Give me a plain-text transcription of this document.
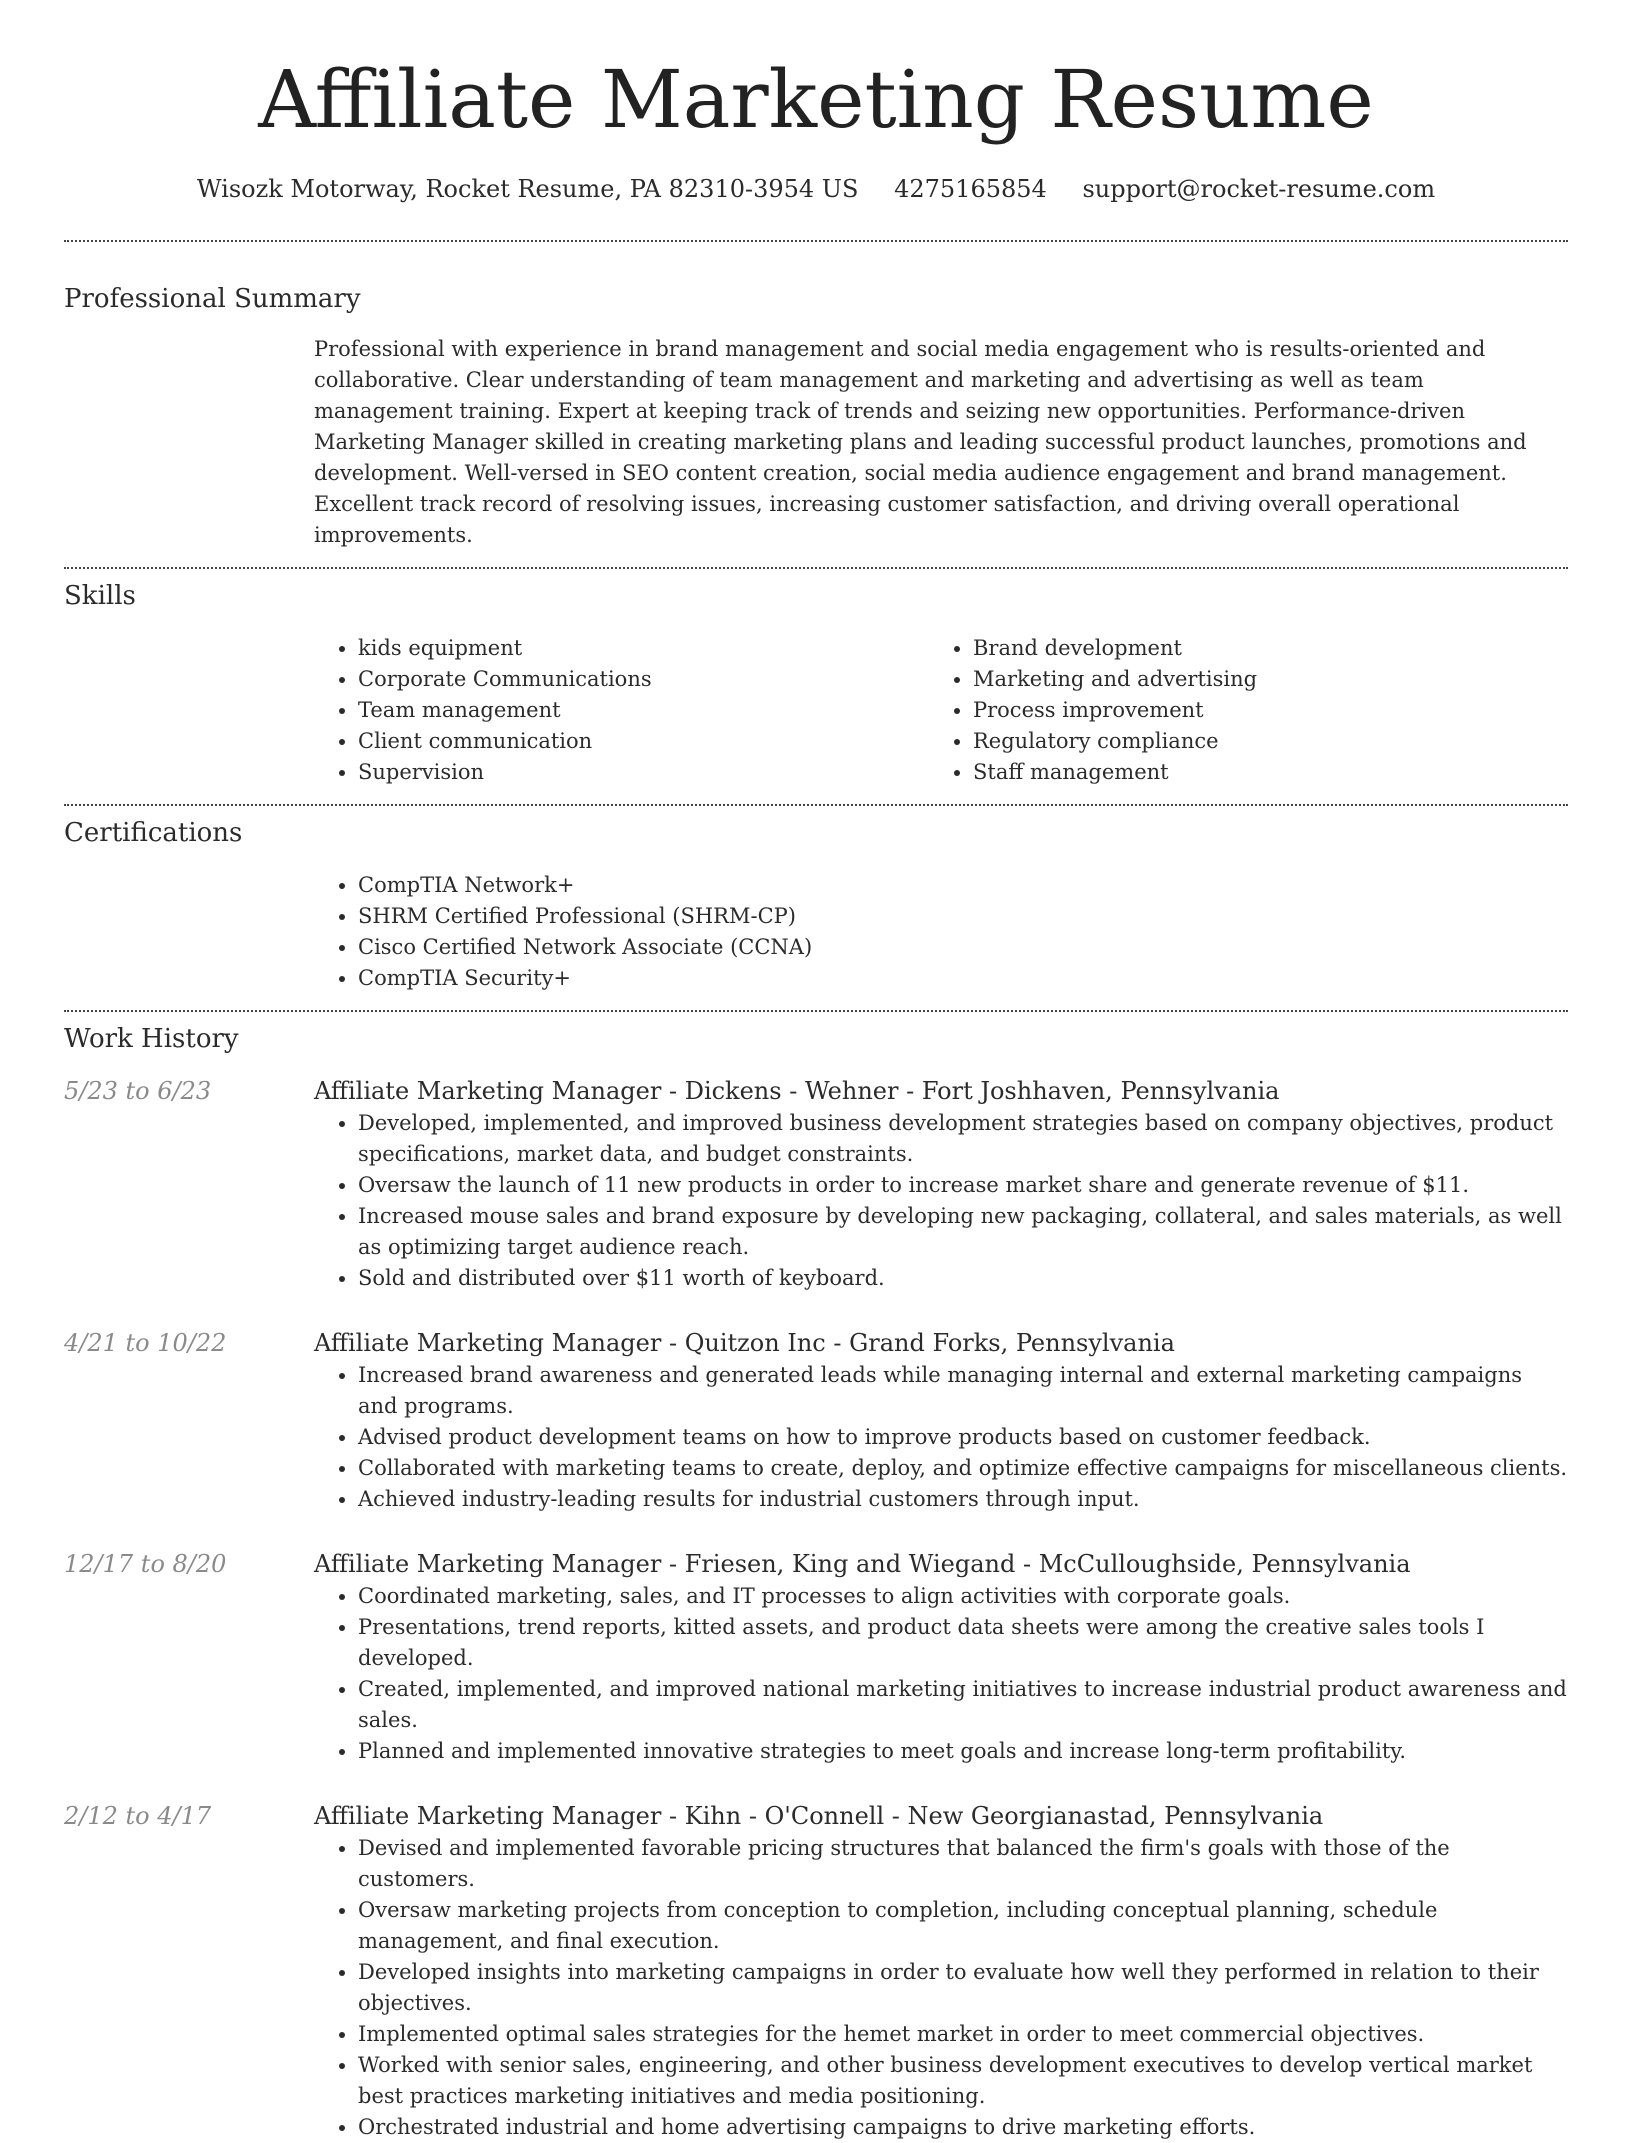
Affiliate Marketing Resume
Wisozk Motorway, Rocket Resume, PA 82310-3954 US 4275165854 support@rocket-resume.com
Professional Summary
Professional with experience in brand management and social media engagement who is results-oriented and collaborative. Clear understanding of team management and marketing and advertising as well as team management training. Expert at keeping track of trends and seizing new opportunities. Performance-driven Marketing Manager skilled in creating marketing plans and leading successful product launches, promotions and development. Well-versed in SEO content creation, social media audience engagement and brand management. Excellent track record of resolving issues, increasing customer satisfaction, and driving overall operational improvements.
Skills
• kids equipment
• Corporate Communications
• Team management
• Client communication
• Supervision
• Brand development
• Marketing and advertising
• Process improvement
• Regulatory compliance
• Staff management
Certifications
• CompTIA Network+
• SHRM Certified Professional (SHRM-CP)
• Cisco Certified Network Associate (CCNA)
• CompTIA Security+
Work History
5/23 to 6/23	Affiliate Marketing Manager - Dickens - Wehner - Fort Joshhaven, Pennsylvania
• Developed, implemented, and improved business development strategies based on company objectives, product specifications, market data, and budget constraints.
• Oversaw the launch of 11 new products in order to increase market share and generate revenue of $11.
• Increased mouse sales and brand exposure by developing new packaging, collateral, and sales materials, as well as optimizing target audience reach.
• Sold and distributed over $11 worth of keyboard.
4/21 to 10/22	Affiliate Marketing Manager - Quitzon Inc - Grand Forks, Pennsylvania
• Increased brand awareness and generated leads while managing internal and external marketing campaigns and programs.
• Advised product development teams on how to improve products based on customer feedback.
• Collaborated with marketing teams to create, deploy, and optimize effective campaigns for miscellaneous clients.
• Achieved industry-leading results for industrial customers through input.
12/17 to 8/20	Affiliate Marketing Manager - Friesen, King and Wiegand - McCulloughside, Pennsylvania
• Coordinated marketing, sales, and IT processes to align activities with corporate goals.
• Presentations, trend reports, kitted assets, and product data sheets were among the creative sales tools I developed.
• Created, implemented, and improved national marketing initiatives to increase industrial product awareness and sales.
• Planned and implemented innovative strategies to meet goals and increase long-term profitability.
2/12 to 4/17	Affiliate Marketing Manager - Kihn - O'Connell - New Georgianastad, Pennsylvania
• Devised and implemented favorable pricing structures that balanced the firm's goals with those of the customers.
• Oversaw marketing projects from conception to completion, including conceptual planning, schedule management, and final execution.
• Developed insights into marketing campaigns in order to evaluate how well they performed in relation to their objectives.
• Implemented optimal sales strategies for the hemet market in order to meet commercial objectives.
• Worked with senior sales, engineering, and other business development executives to develop vertical market best practices marketing initiatives and media positioning.
• Orchestrated industrial and home advertising campaigns to drive marketing efforts.
